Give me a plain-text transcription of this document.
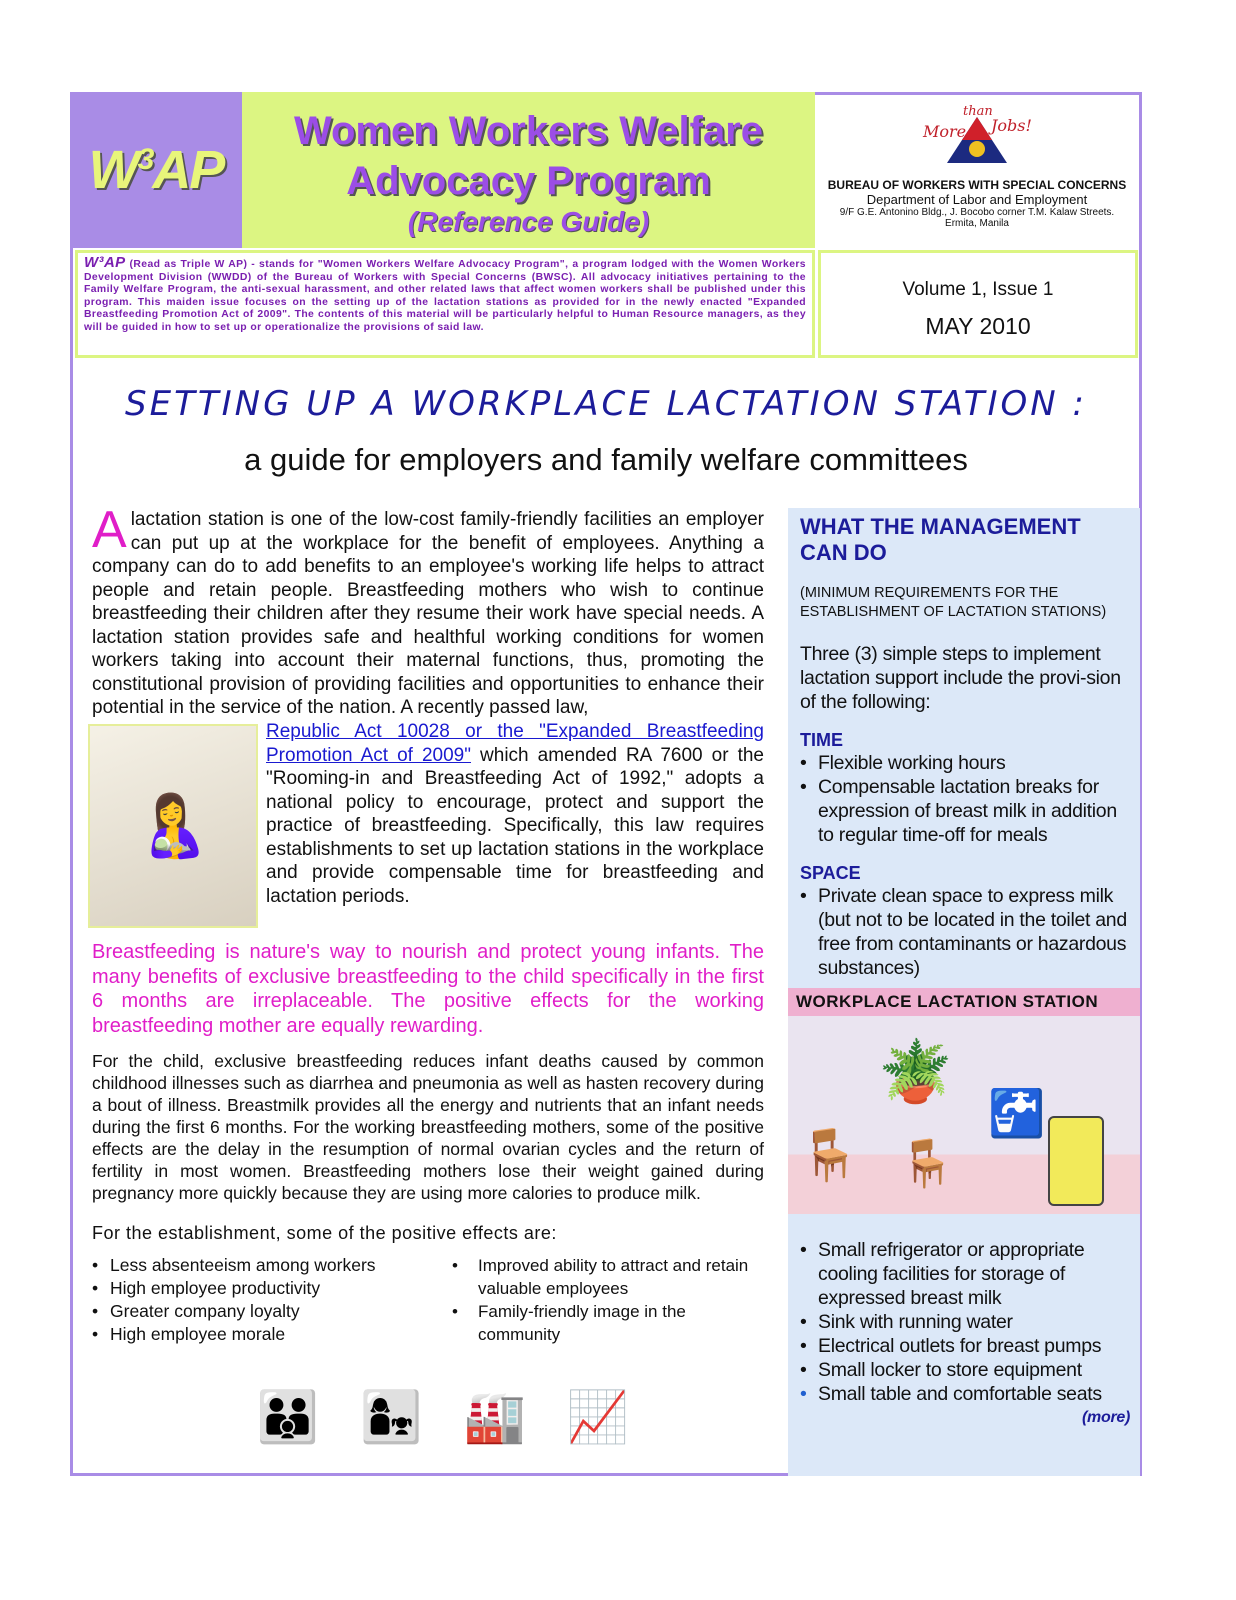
$W^3AP$
Women Workers Welfare
Advocacy Program
(Reference Guide)
More Jobs!
than
BUREAU OF WORKERS WITH SPECIAL CONCERNS
Department of Labor and Employment
9/F G.E. Antonino Bldg., J. Bocobo corner T.M. Kalaw Streets.
Ermita, Manila
W³AP (Read as Triple W AP) - stands for "Women Workers Welfare Advocacy Program", a program lodged with the Women Workers Development Division (WWDD) of the Bureau of Workers with Special Concerns (BWSC). All advocacy initiatives pertaining to the Family Welfare Program, the anti-sexual harassment, and other related laws that affect women workers shall be published under this program. This maiden issue focuses on the setting up of the lactation stations as provided for in the newly enacted "Expanded Breastfeeding Promotion Act of 2009". The contents of this material will be particularly helpful to Human Resource managers, as they will be guided in how to set up or operationalize the provisions of said law.
Volume 1, Issue 1
MAY 2010
SETTING UP A WORKPLACE LACTATION STATION :
a guide for employers and family welfare committees

Alactation station is one of the low-cost family-friendly facilities an employer can put up at the workplace for the benefit of employees. Anything a company can do to add benefits to an employee's working life helps to attract people and retain people. Breastfeeding mothers who wish to continue breastfeeding their children after they resume their work have special needs. A lactation station provides safe and healthful working conditions for women workers taking into account their maternal functions, thus, promoting the constitutional provision of providing facilities and opportunities to enhance their potential in the service of the nation. A recently passed law,

🤱

Republic Act 10028 or the "Expanded Breastfeeding Promotion Act of 2009" which amended RA 7600 or the "Rooming-in and Breastfeeding Act of 1992," adopts a national policy to encourage, protect and support the practice of breastfeeding. Specifically, this law requires establishments to set up lactation stations in the workplace and provide compensable time for breastfeeding and lactation periods.

Breastfeeding is nature's way to nourish and protect young infants. The many benefits of exclusive breastfeeding to the child specifically in the first 6 months are irreplaceable. The positive effects for the working breastfeeding mother are equally rewarding.

For the child, exclusive breastfeeding reduces infant deaths caused by common childhood illnesses such as diarrhea and pneumonia as well as hasten recovery during a bout of illness. Breastmilk provides all the energy and nutrients that an infant needs during the first 6 months. For the working breastfeeding mothers, some of the positive effects are the delay in the resumption of normal ovarian cycles and the return of fertility in most women. Breastfeeding mothers lose their weight gained during pregnancy more quickly because they are using more calories to produce milk.

For the establishment, some of the positive effects are:

• Less absenteeism among workers
• High employee productivity
• Greater company loyalty
• High employee morale
• Improved ability to attract and retain valuable employees
• Family-friendly image in the community
👪 👩‍👧 🏭 📈
WHAT THE MANAGEMENT CAN DO
(MINIMUM REQUIREMENTS FOR THE ESTABLISHMENT OF LACTATION STATIONS)
Three (3) simple steps to implement lactation support include the provi-sion of the following:
TIME
• Flexible working hours
• Compensable lactation breaks for expression of breast milk in addition to regular time-off for meals
SPACE
• Private clean space to express milk (but not to be located in the toilet and free from contaminants or hazardous substances)
WORKPLACE LACTATION STATION
🪴
🪑 🪑
🚰
• Small refrigerator or appropriate cooling facilities for storage of expressed breast milk
• Sink with running water
• Electrical outlets for breast pumps
• Small locker to store equipment
• Small table and comfortable seats
(more)
